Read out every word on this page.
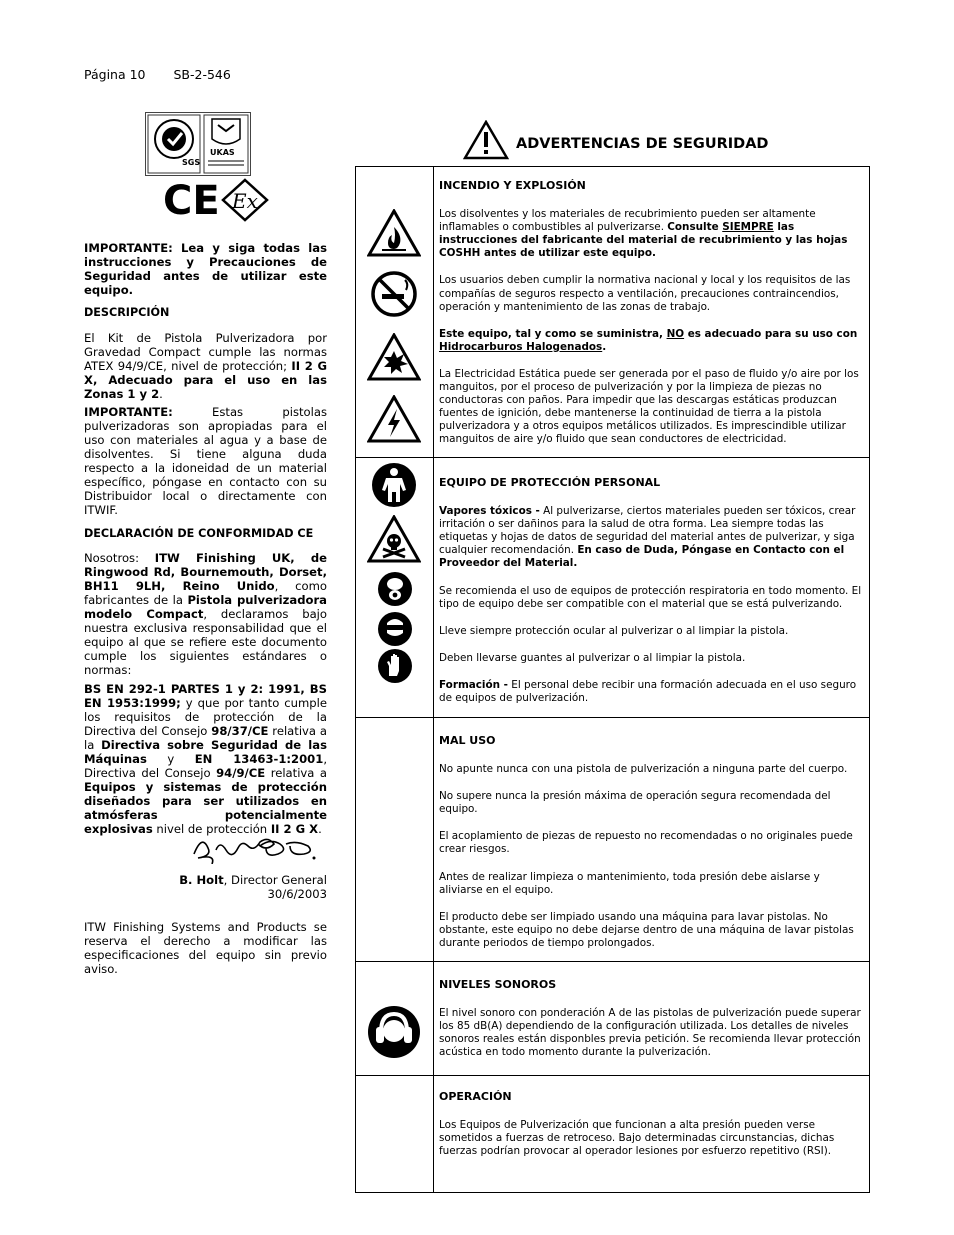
Página 10 SB-2-546
SGS
UKAS
CE Ex

IMPORTANTE: Lea y siga todas las instrucciones y Precauciones de Seguridad antes de utilizar este equipo.

DESCRIPCIÓN

El Kit de Pistola Pulverizadora por Gravedad Compact cumple las normas ATEX 94/9/CE, nivel de protección; II 2 G X, Adecuado para el uso en las Zonas 1 y 2.

IMPORTANTE: Estas pistolas pulverizadoras son apropiadas para el uso con materiales al agua y a base de disolventes. Si tiene alguna duda respecto a la idoneidad de un material específico, póngase en contacto con su Distribuidor local o directamente con ITWIF.

DECLARACIÓN DE CONFORMIDAD CE

Nosotros: ITW Finishing UK, de Ringwood Rd, Bournemouth, Dorset, BH11 9LH, Reino Unido, como fabricantes de la Pistola pulverizadora modelo Compact, declaramos bajo nuestra exclusiva responsabilidad que el equipo al que se refiere este documento cumple los siguientes estándares o normas:

BS EN 292-1 PARTES 1 y 2: 1991, BS EN 1953:1999; y que por tanto cumple los requisitos de protección de la Directiva del Consejo 98/37/CE relativa a la Directiva sobre Seguridad de las Máquinas y EN 13463-1:2001, Directiva del Consejo 94/9/CE relativa a Equipos y sistemas de protección diseñados para ser utilizados en atmósferas potencialmente explosivas nivel de protección II 2 G X.

B. Holt, Director General
30/6/2003

ITW Finishing Systems and Products se reserva el derecho a modificar las especificaciones del equipo sin previo aviso.

ADVERTENCIAS DE SEGURIDAD

INCENDIO Y EXPLOSIÓN

Los disolventes y los materiales de recubrimiento pueden ser altamente inflamables o combustibles al pulverizarse. Consulte SIEMPRE las instrucciones del fabricante del material de recubrimiento y las hojas COSHH antes de utilizar este equipo.

Los usuarios deben cumplir la normativa nacional y local y los requisitos de las compañías de seguros respecto a ventilación, precauciones contraincendios, operación y mantenimiento de las zonas de trabajo.

Este equipo, tal y como se suministra, NO es adecuado para su uso con Hidrocarburos Halogenados.

La Electricidad Estática puede ser generada por el paso de fluido y/o aire por los manguitos, por el proceso de pulverización y por la limpieza de piezas no conductoras con paños. Para impedir que las descargas estáticas produzcan fuentes de ignición, debe mantenerse la continuidad de tierra a la pistola pulverizadora y a otros equipos metálicos utilizados. Es imprescindible utilizar manguitos de aire y/o fluido que sean conductores de electricidad.

EQUIPO DE PROTECCIÓN PERSONAL

Vapores tóxicos - Al pulverizarse, ciertos materiales pueden ser tóxicos, crear irritación o ser dañinos para la salud de otra forma. Lea siempre todas las etiquetas y hojas de datos de seguridad del material antes de pulverizar, y siga cualquier recomendación. En caso de Duda, Póngase en Contacto con el Proveedor del Material.

Se recomienda el uso de equipos de protección respiratoria en todo momento. El tipo de equipo debe ser compatible con el material que se está pulverizando.

Lleve siempre protección ocular al pulverizar o al limpiar la pistola.

Deben llevarse guantes al pulverizar o al limpiar la pistola.

Formación - El personal debe recibir una formación adecuada en el uso seguro de equipos de pulverización.

MAL USO

No apunte nunca con una pistola de pulverización a ninguna parte del cuerpo.

No supere nunca la presión máxima de operación segura recomendada del equipo.

El acoplamiento de piezas de repuesto no recomendadas o no originales puede crear riesgos.

Antes de realizar limpieza o mantenimiento, toda presión debe aislarse y aliviarse en el equipo.

El producto debe ser limpiado usando una máquina para lavar pistolas. No obstante, este equipo no debe dejarse dentro de una máquina de lavar pistolas durante periodos de tiempo prolongados.

NIVELES SONOROS

El nivel sonoro con ponderación A de las pistolas de pulverización puede superar los 85 dB(A) dependiendo de la configuración utilizada. Los detalles de niveles sonoros reales están disponbles previa petición. Se recomienda llevar protección acústica en todo momento durante la pulverización.

OPERACIÓN

Los Equipos de Pulverización que funcionan a alta presión pueden verse sometidos a fuerzas de retroceso. Bajo determinadas circunstancias, dichas fuerzas podrían provocar al operador lesiones por esfuerzo repetitivo (RSI).
